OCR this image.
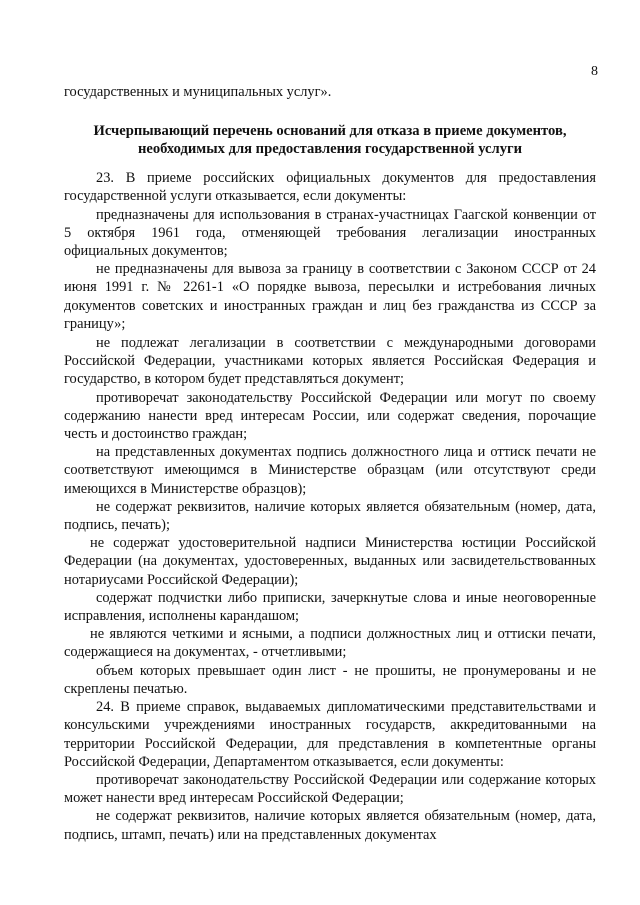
8

государственных и муниципальных услуг».

Исчерпывающий перечень оснований для отказа в приеме документов, необходимых для предоставления государственной услуги

23. В приеме российских официальных документов для предоставления государственной услуги отказывается, если документы:

предназначены для использования в странах-участницах Гаагской конвенции от 5 октября 1961 года, отменяющей требования легализации иностранных официальных документов;

не предназначены для вывоза за границу в соответствии с Законом СССР от 24 июня 1991 г. № 2261-1 «О порядке вывоза, пересылки и истребования личных документов советских и иностранных граждан и лиц без гражданства из СССР за границу»;

не подлежат легализации в соответствии с международными договорами Российской Федерации, участниками которых является Российская Федерация и государство, в котором будет представляться документ;

противоречат законодательству Российской Федерации или могут по своему содержанию нанести вред интересам России, или содержат сведения, порочащие честь и достоинство граждан;

на представленных документах подпись должностного лица и оттиск печати не соответствуют имеющимся в Министерстве образцам (или отсутствуют среди имеющихся в Министерстве образцов);

не содержат реквизитов, наличие которых является обязательным (номер, дата, подпись, печать);

не содержат удостоверительной надписи Министерства юстиции Российской Федерации (на документах, удостоверенных, выданных или засвидетельствованных нотариусами Российской Федерации);

содержат подчистки либо приписки, зачеркнутые слова и иные неоговоренные исправления, исполнены карандашом;

не являются четкими и ясными, а подписи должностных лиц и оттиски печати, содержащиеся на документах, - отчетливыми;

объем которых превышает один лист - не прошиты, не пронумерованы и не скреплены печатью.

24. В приеме справок, выдаваемых дипломатическими представительствами и консульскими учреждениями иностранных государств, аккредитованными на территории Российской Федерации, для представления в компетентные органы Российской Федерации, Департаментом отказывается, если документы:

противоречат законодательству Российской Федерации или содержание которых может нанести вред интересам Российской Федерации;

не содержат реквизитов, наличие которых является обязательным (номер, дата, подпись, штамп, печать) или на представленных документах
